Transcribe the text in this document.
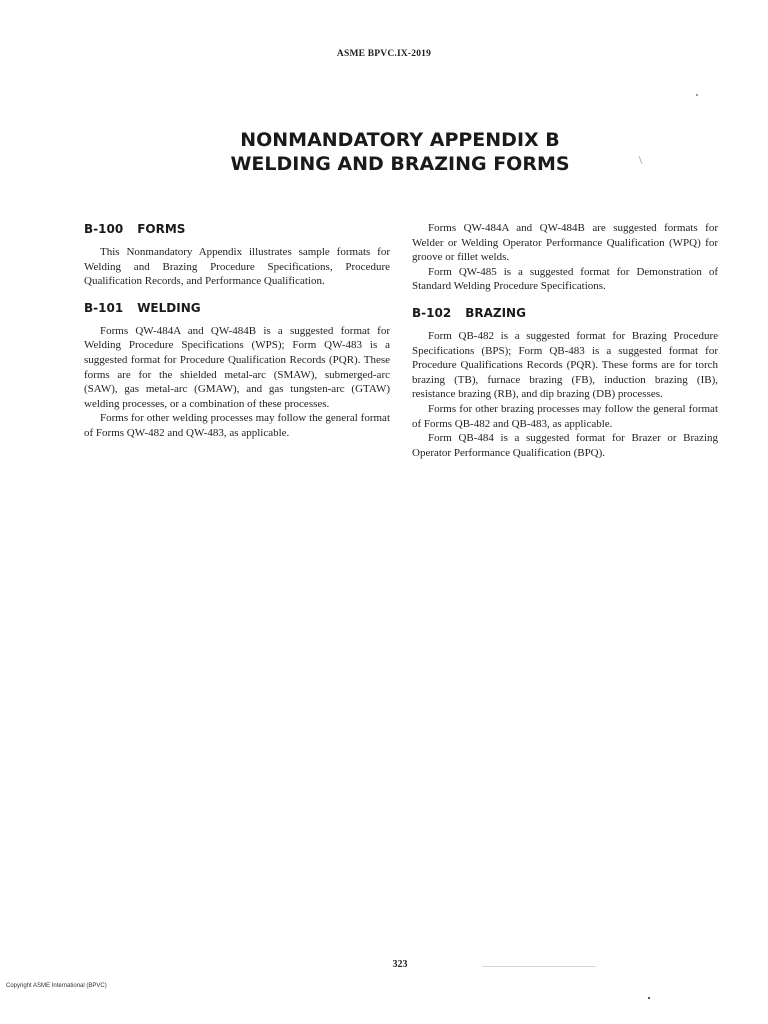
ASME BPVC.IX-2019
NONMANDATORY APPENDIX B
WELDING AND BRAZING FORMS
B-100 FORMS

This Nonmandatory Appendix illustrates sample formats for Welding and Brazing Procedure Specifications, Procedure Qualification Records, and Performance Qualification.

B-101 WELDING

Forms QW-484A and QW-484B is a suggested format for Welding Procedure Specifications (WPS); Form QW-483 is a suggested format for Procedure Qualification Records (PQR). These forms are for the shielded metal-arc (SMAW), submerged-arc (SAW), gas metal-arc (GMAW), and gas tungsten-arc (GTAW) welding processes, or a combination of these processes.

Forms for other welding processes may follow the general format of Forms QW-482 and QW-483, as applicable.

Forms QW-484A and QW-484B are suggested formats for Welder or Welding Operator Performance Qualification (WPQ) for groove or fillet welds.

Form QW-485 is a suggested format for Demonstration of Standard Welding Procedure Specifications.

B-102 BRAZING

Form QB-482 is a suggested format for Brazing Procedure Specifications (BPS); Form QB-483 is a suggested format for Procedure Qualifications Records (PQR). These forms are for torch brazing (TB), furnace brazing (FB), induction brazing (IB), resistance brazing (RB), and dip brazing (DB) processes.

Forms for other brazing processes may follow the general format of Forms QB-482 and QB-483, as applicable.

Form QB-484 is a suggested format for Brazer or Brazing Operator Performance Qualification (BPQ).

323
Copyright ASME International (BPVC)
